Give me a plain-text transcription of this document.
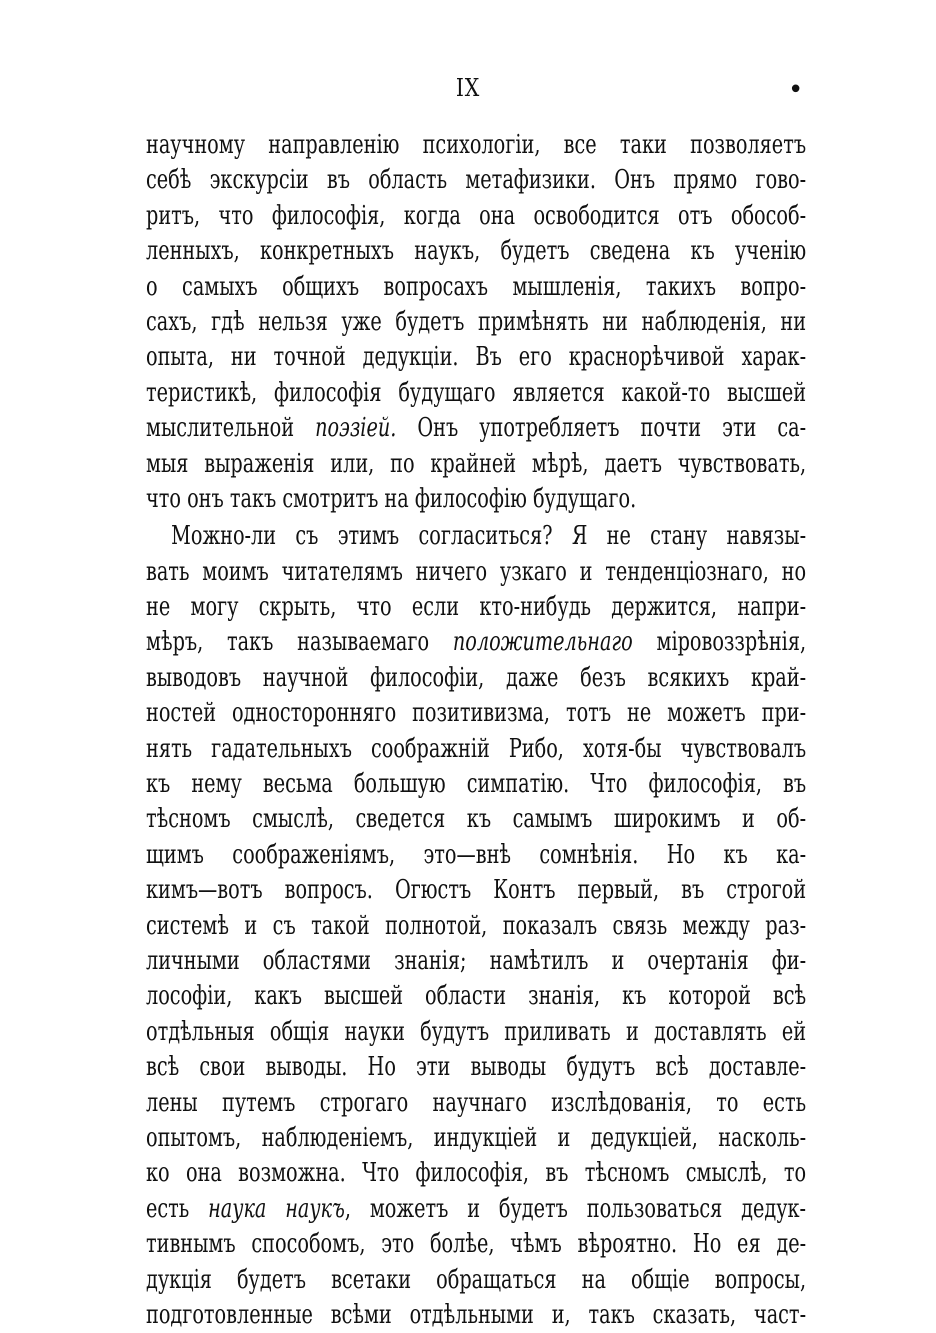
IX	•
научному направленію психологіи, все таки позволяетъ
себѣ экскурсіи въ область метафизики. Онъ прямо гово-
ритъ, что философія, когда она освободится отъ обособ-
ленныхъ, конкретныхъ наукъ, будетъ сведена къ ученію
о самыхъ общихъ вопросахъ мышленія, такихъ вопро-
сахъ, гдѣ нельзя уже будетъ примѣнять ни наблюденія, ни
опыта, ни точной дедукціи. Въ его краснорѣчивой харак-
теристикѣ, философія будущаго является какой-то высшей
мыслительной поэзіей. Онъ употребляетъ почти эти са-
мыя выраженія или, по крайней мѣрѣ, даетъ чувствовать,
что онъ такъ смотритъ на философію будущаго.
Можно-ли съ этимъ согласиться? Я не стану навязы-
вать моимъ читателямъ ничего узкаго и тенденціознаго, но
не могу скрыть, что если кто-нибудь держится, напри-
мѣръ, такъ называемаго положительнаго міровоззрѣнія,
выводовъ научной философіи, даже безъ всякихъ край-
ностей односторонняго позитивизма, тотъ не можетъ при-
нять гадательныхъ соображній Рибо, хотя-бы чувствовалъ
къ нему весьма большую симпатію. Что философія, въ
тѣсномъ смыслѣ, сведется къ самымъ широкимъ и об-
щимъ соображеніямъ, это—внѣ сомнѣнія. Но къ ка-
кимъ—вотъ вопросъ. Огюстъ Контъ первый, въ строгой
системѣ и съ такой полнотой, показалъ связь между раз-
личными областями знанія; намѣтилъ и очертанія фи-
лософіи, какъ высшей области знанія, къ которой всѣ
отдѣльныя общія науки будутъ приливать и доставлять ей
всѣ свои выводы. Но эти выводы будутъ всѣ доставле-
лены путемъ строгаго научнаго изслѣдованія, то есть
опытомъ, наблюденіемъ, индукціей и дедукціей, насколь-
ко она возможна. Что философія, въ тѣсномъ смыслѣ, то
есть наука наукъ, можетъ и будетъ пользоваться дедук-
тивнымъ способомъ, это болѣе, чѣмъ вѣроятно. Но ея де-
дукція будетъ всетаки обращаться на общіе вопросы,
подготовленные всѣми отдѣльными и, такъ сказать, част-
